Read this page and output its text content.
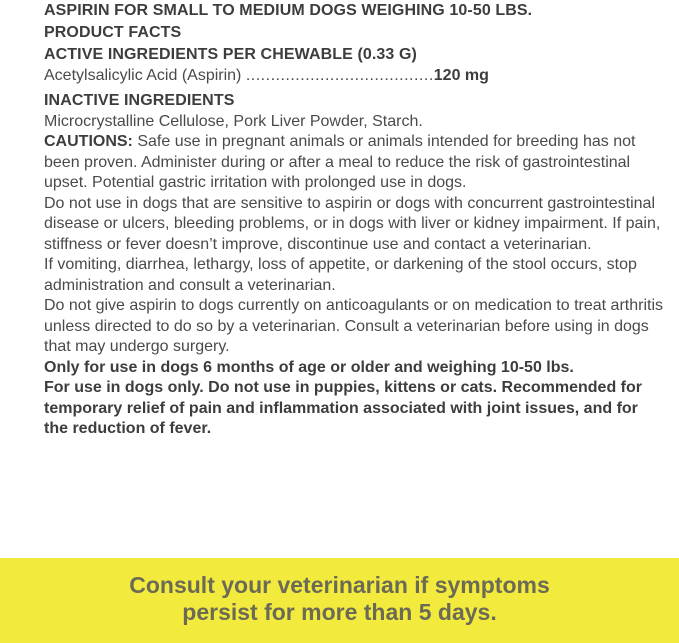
ASPIRIN FOR SMALL TO MEDIUM DOGS WEIGHING 10-50 LBS.
PRODUCT FACTS
ACTIVE INGREDIENTS PER CHEWABLE (0.33 G)
Acetylsalicylic Acid (Aspirin) ......................................120 mg
INACTIVE INGREDIENTS
Microcrystalline Cellulose, Pork Liver Powder, Starch.

CAUTIONS: Safe use in pregnant animals or animals intended for breeding has not been proven. Administer during or after a meal to reduce the risk of gastrointestinal upset. Potential gastric irritation with prolonged use in dogs.

Do not use in dogs that are sensitive to aspirin or dogs with concurrent gastrointestinal disease or ulcers, bleeding problems, or in dogs with liver or kidney impairment. If pain, stiffness or fever doesn’t improve, discontinue use and contact a veterinarian.

If vomiting, diarrhea, lethargy, loss of appetite, or darkening of the stool occurs, stop administration and consult a veterinarian.

Do not give aspirin to dogs currently on anticoagulants or on medication to treat arthritis unless directed to do so by a veterinarian. Consult a veterinarian before using in dogs that may undergo surgery.

Only for use in dogs 6 months of age or older and weighing 10-50 lbs.

For use in dogs only. Do not use in puppies, kittens or cats. Recommended for temporary relief of pain and inflammation associated with joint issues, and for the reduction of fever.

Consult your veterinarian if symptoms
persist for more than 5 days.
